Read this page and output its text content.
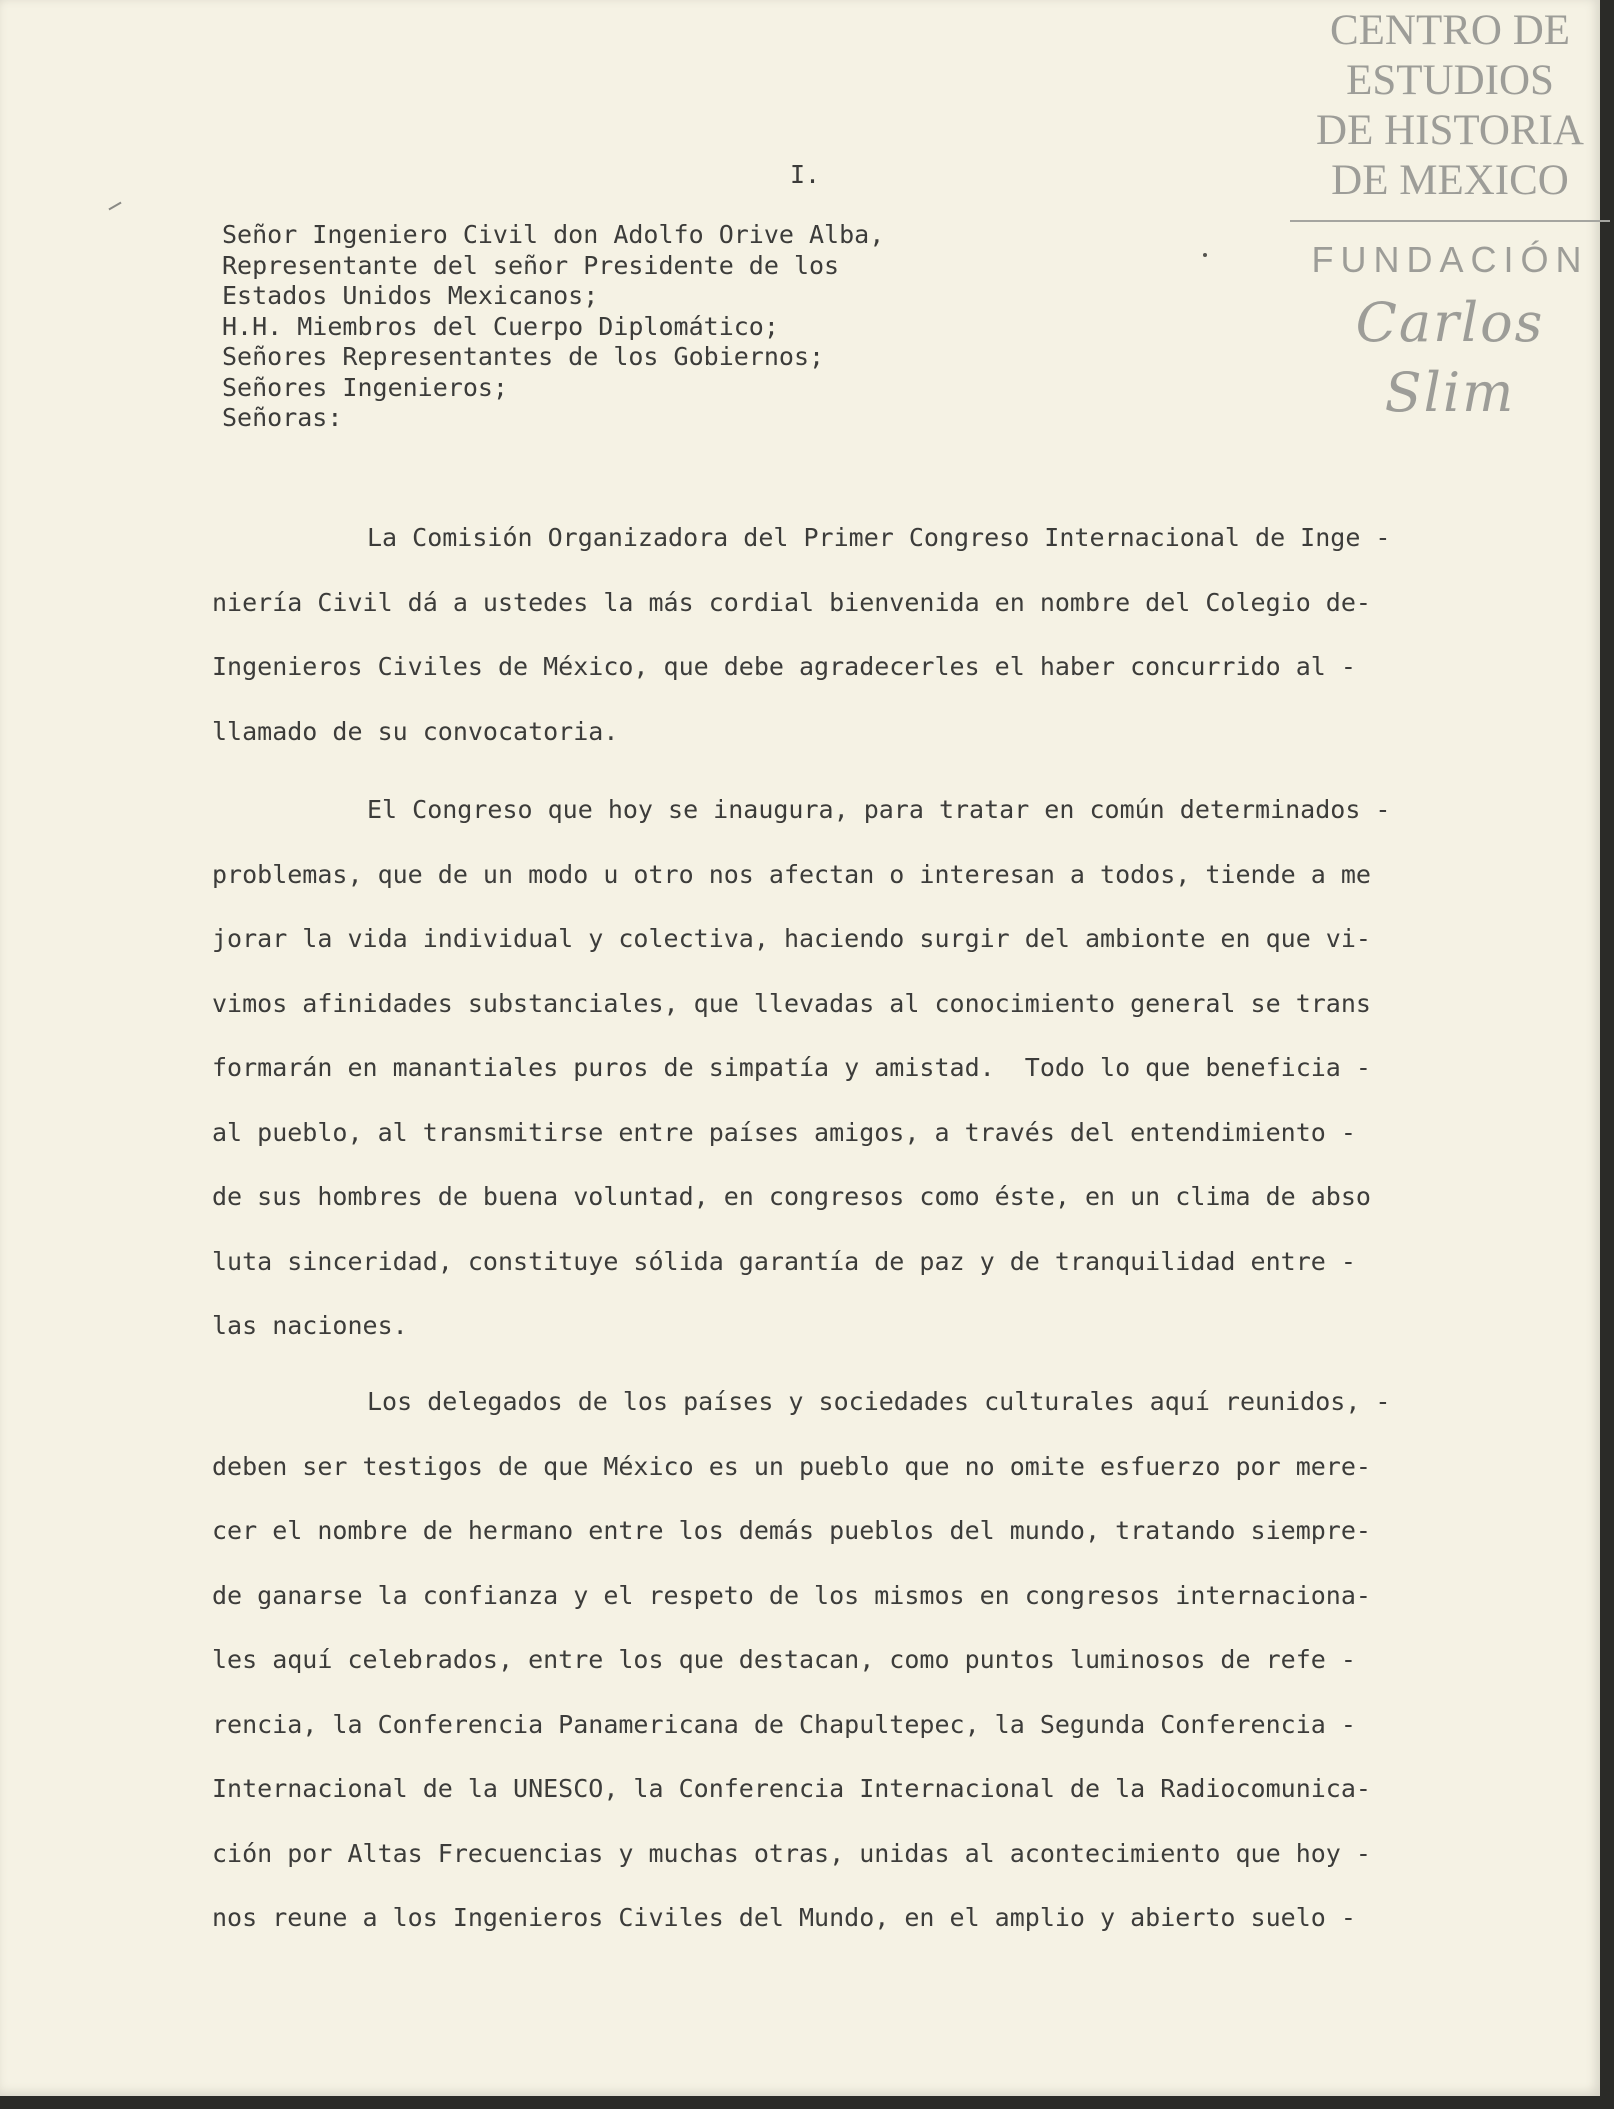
CENTRO DE
ESTUDIOS
DE HISTORIA
DE MEXICO
FUNDACIÓN
Carlos Slim
I.
Señor Ingeniero Civil don Adolfo Orive Alba,
Representante del señor Presidente de los
Estados Unidos Mexicanos;
H.H. Miembros del Cuerpo Diplomático;
Señores Representantes de los Gobiernos;
Señores Ingenieros;
Señoras:
La Comisión Organizadora del Primer Congreso Internacional de Inge -
niería Civil dá a ustedes la más cordial bienvenida en nombre del Colegio de-
Ingenieros Civiles de México, que debe agradecerles el haber concurrido al -
llamado de su convocatoria.
El Congreso que hoy se inaugura, para tratar en común determinados -
problemas, que de un modo u otro nos afectan o interesan a todos, tiende a me
jorar la vida individual y colectiva, haciendo surgir del ambionte en que vi-
vimos afinidades substanciales, que llevadas al conocimiento general se trans
formarán en manantiales puros de simpatía y amistad.  Todo lo que beneficia -
al pueblo, al transmitirse entre países amigos, a través del entendimiento -
de sus hombres de buena voluntad, en congresos como éste, en un clima de abso
luta sinceridad, constituye sólida garantía de paz y de tranquilidad entre -
las naciones.
Los delegados de los países y sociedades culturales aquí reunidos, -
deben ser testigos de que México es un pueblo que no omite esfuerzo por mere-
cer el nombre de hermano entre los demás pueblos del mundo, tratando siempre-
de ganarse la confianza y el respeto de los mismos en congresos internaciona-
les aquí celebrados, entre los que destacan, como puntos luminosos de refe -
rencia, la Conferencia Panamericana de Chapultepec, la Segunda Conferencia -
Internacional de la UNESCO, la Conferencia Internacional de la Radiocomunica-
ción por Altas Frecuencias y muchas otras, unidas al acontecimiento que hoy -
nos reune a los Ingenieros Civiles del Mundo, en el amplio y abierto suelo -
